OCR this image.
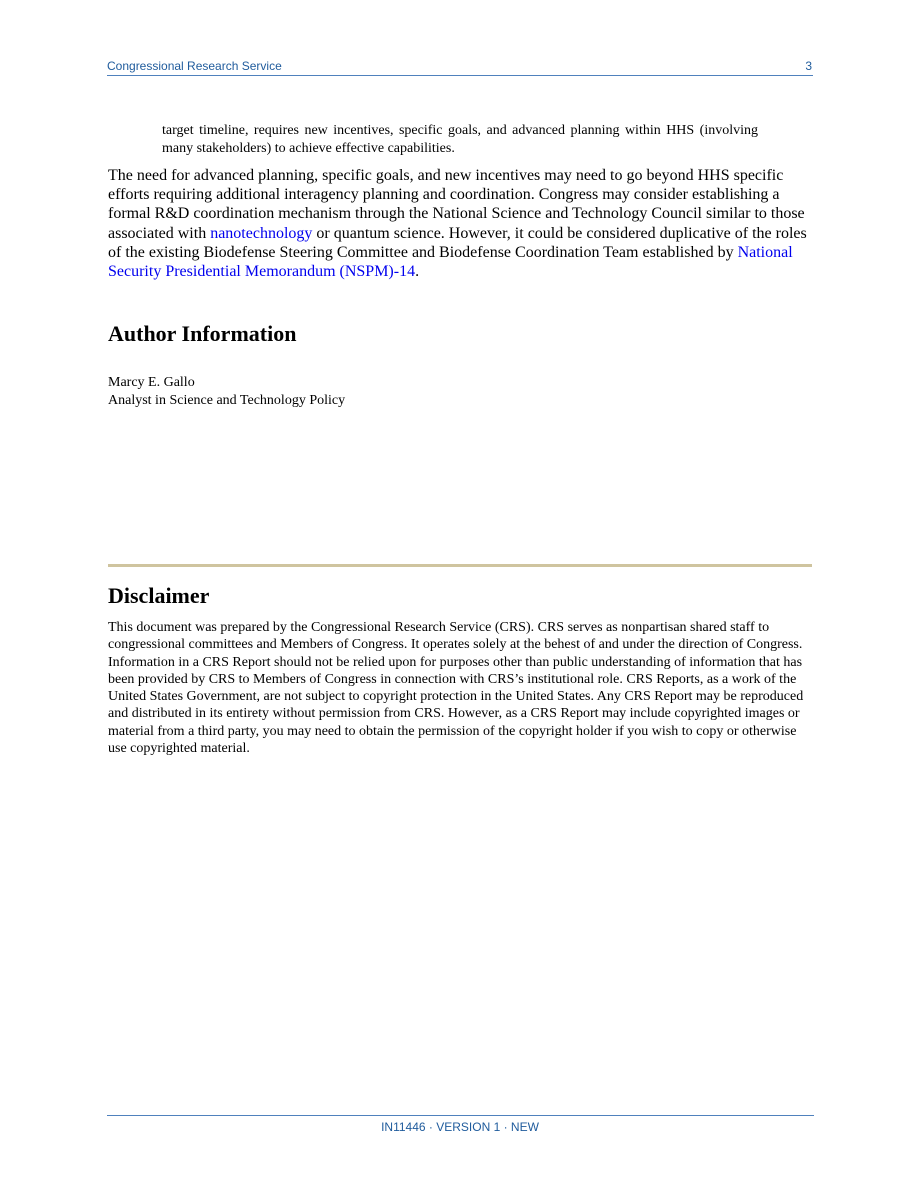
Congressional Research Service	3
target timeline, requires new incentives, specific goals, and advanced planning within HHS (involving many stakeholders) to achieve effective capabilities.
The need for advanced planning, specific goals, and new incentives may need to go beyond HHS specific efforts requiring additional interagency planning and coordination. Congress may consider establishing a formal R&D coordination mechanism through the National Science and Technology Council similar to those associated with nanotechnology or quantum science. However, it could be considered duplicative of the roles of the existing Biodefense Steering Committee and Biodefense Coordination Team established by National Security Presidential Memorandum (NSPM)-14.
Author Information
Marcy E. Gallo
Analyst in Science and Technology Policy
Disclaimer
This document was prepared by the Congressional Research Service (CRS). CRS serves as nonpartisan shared staff to congressional committees and Members of Congress. It operates solely at the behest of and under the direction of Congress. Information in a CRS Report should not be relied upon for purposes other than public understanding of information that has been provided by CRS to Members of Congress in connection with CRS’s institutional role. CRS Reports, as a work of the United States Government, are not subject to copyright protection in the United States. Any CRS Report may be reproduced and distributed in its entirety without permission from CRS. However, as a CRS Report may include copyrighted images or material from a third party, you may need to obtain the permission of the copyright holder if you wish to copy or otherwise use copyrighted material.
IN11446 · VERSION 1 · NEW
